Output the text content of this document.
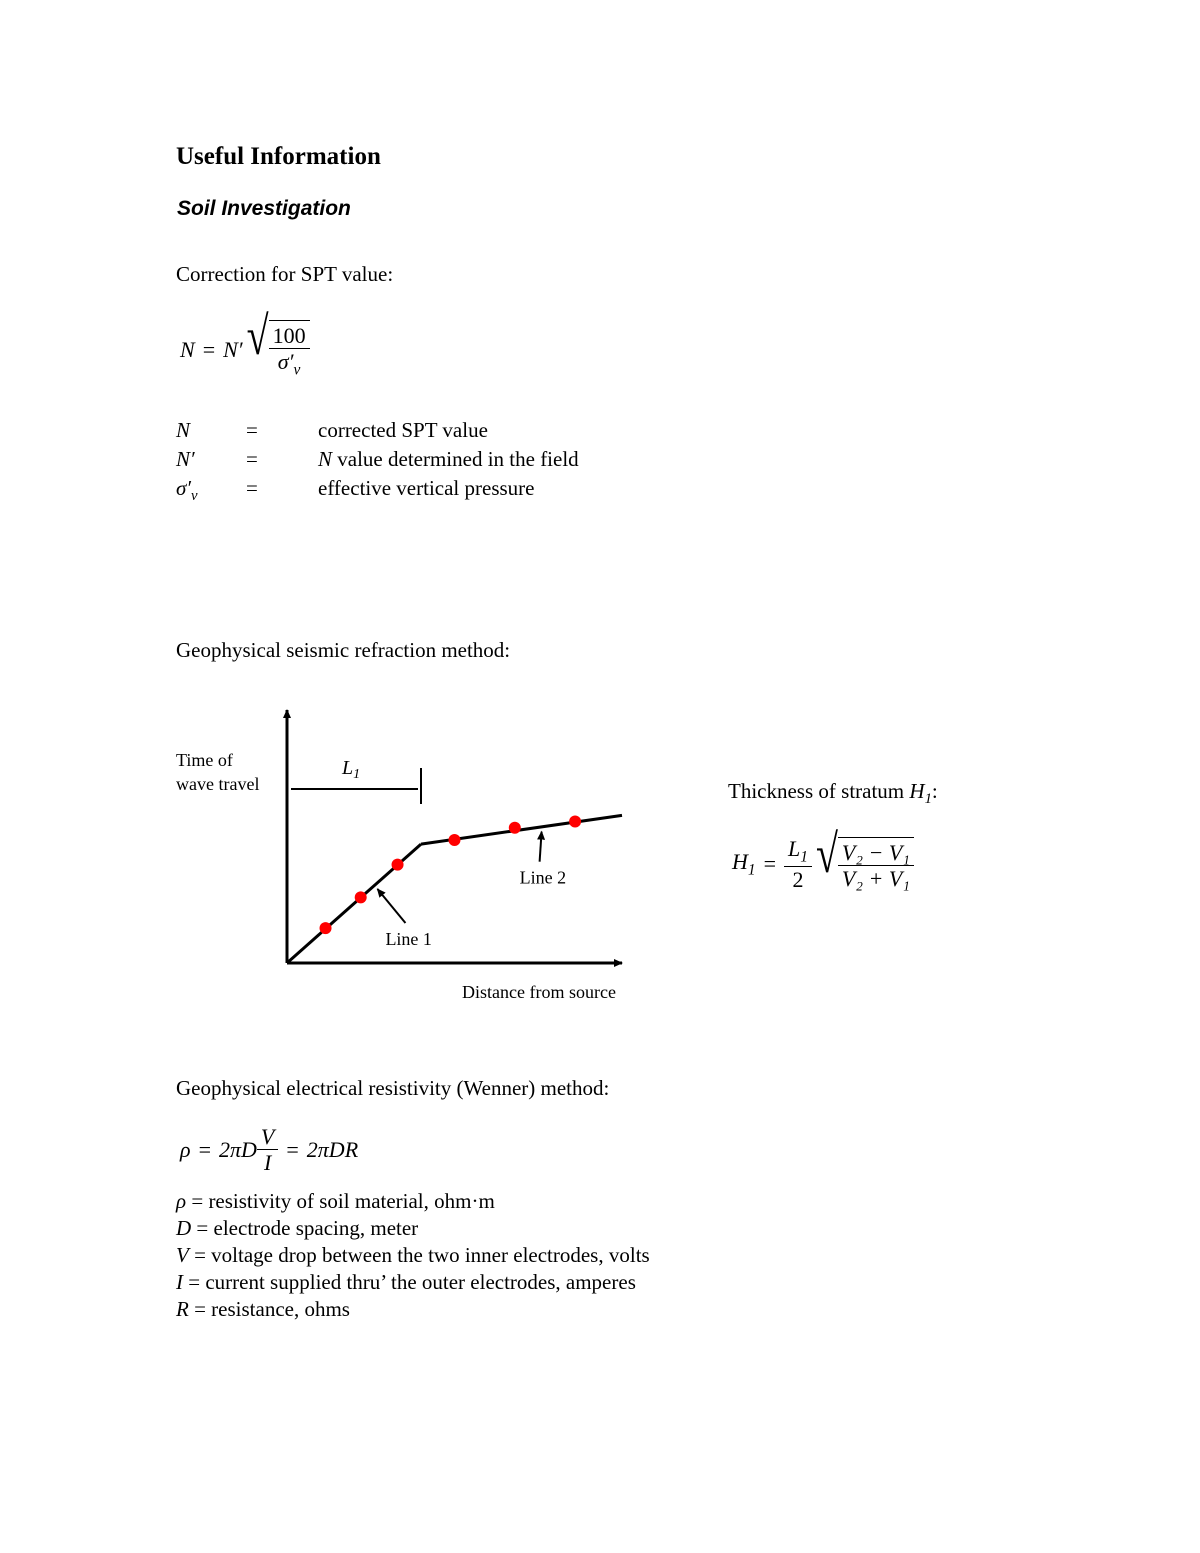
Useful Information
Soil Investigation
Correction for SPT value:
N = N′ √ $\frac{100}{\sigma'_v}$
N	=	corrected SPT value
N′	=	N value determined in the field
$\sigma'_v$	=	effective vertical pressure
Geophysical seismic refraction method:
Time of
wave travel
Distance from source
$L_1$
Line 1
Line 2
Thickness of stratum $H_1$:
$H_1 = \frac{L_1}{2}$ √ $\frac{\text{V₂ − V₁}}{\text{V₂ + V₁}}$
Geophysical electrical resistivity (Wenner) method:
$\rho = 2\pi D \frac{V}{I} = 2\pi DR$
ρ = resistivity of soil material, ohm·m
D = electrode spacing, meter
V = voltage drop between the two inner electrodes, volts
I = current supplied thru’ the outer electrodes, amperes
R = resistance, ohms
